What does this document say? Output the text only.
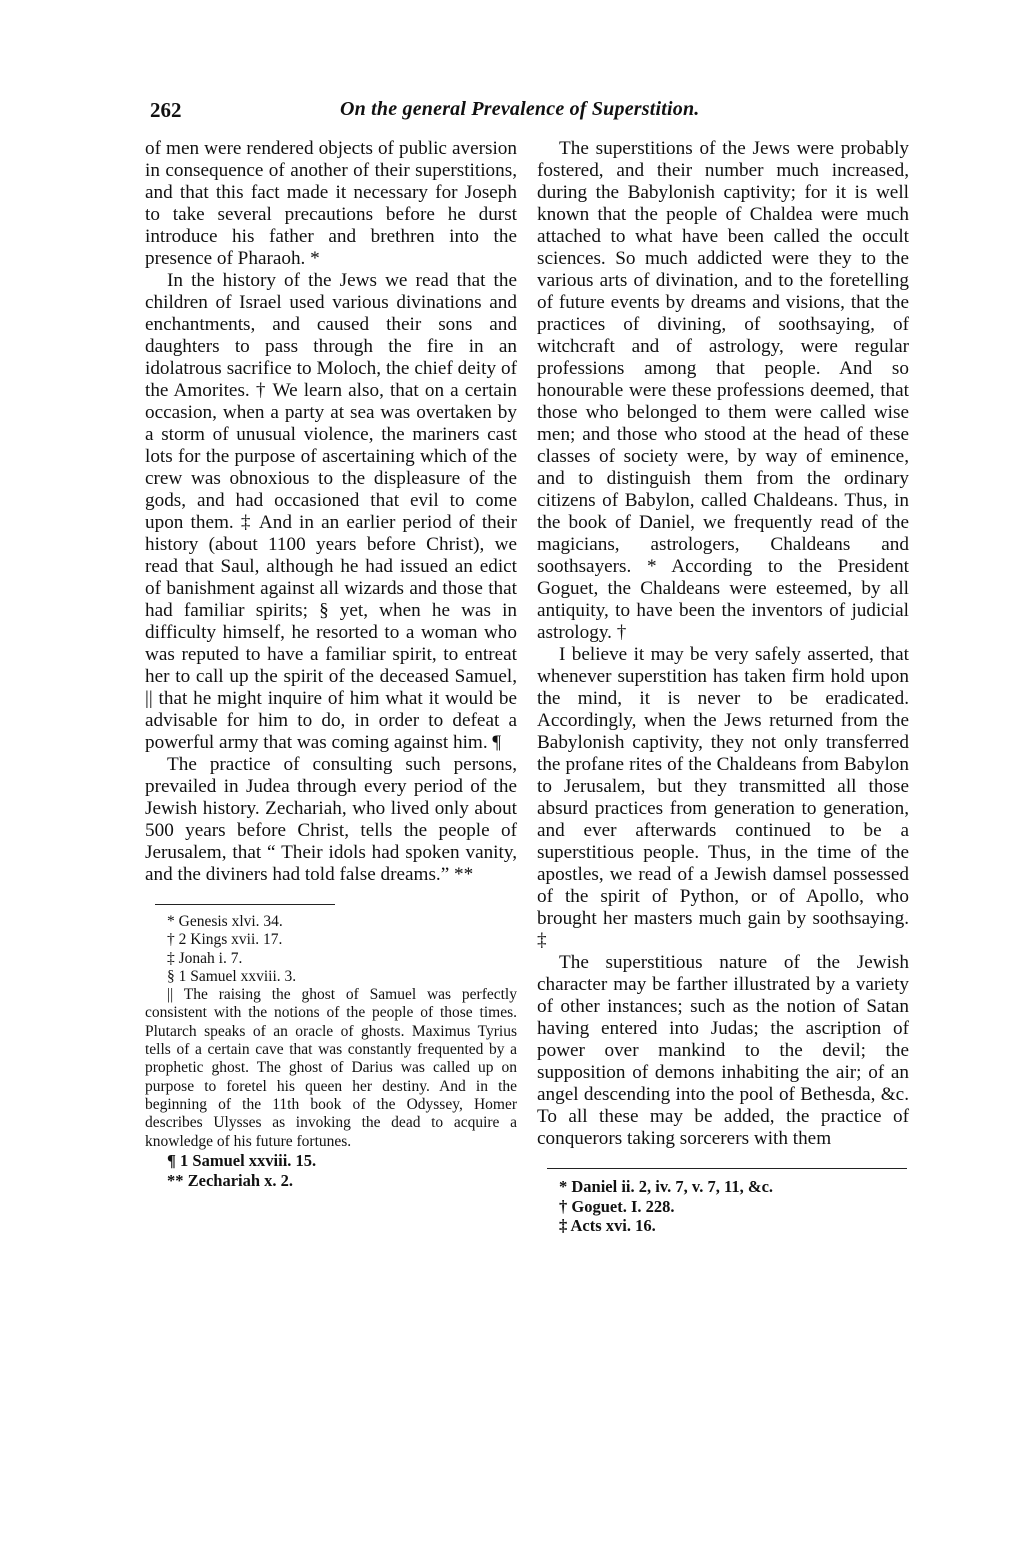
262	On the general Prevalence of Superstition.

of men were rendered objects of public aversion in consequence of another of their superstitions, and that this fact made it necessary for Joseph to take several precautions before he durst introduce his father and brethren into the presence of Pharaoh. *

In the history of the Jews we read that the children of Israel used various divinations and enchantments, and caused their sons and daughters to pass through the fire in an idolatrous sacrifice to Moloch, the chief deity of the Amorites. † We learn also, that on a certain occasion, when a party at sea was overtaken by a storm of unusual violence, the mariners cast lots for the purpose of ascertaining which of the crew was obnoxious to the displeasure of the gods, and had occasioned that evil to come upon them. ‡ And in an earlier period of their history (about 1100 years before Christ), we read that Saul, although he had issued an edict of banishment against all wizards and those that had familiar spirits; § yet, when he was in difficulty himself, he resorted to a woman who was reputed to have a familiar spirit, to entreat her to call up the spirit of the deceased Samuel, || that he might inquire of him what it would be advisable for him to do, in order to defeat a powerful army that was coming against him. ¶

The practice of consulting such persons, prevailed in Judea through every period of the Jewish history. Zechariah, who lived only about 500 years before Christ, tells the people of Jerusalem, that “ Their idols had spoken vanity, and the diviners had told false dreams.” **

* Genesis xlvi. 34.

† 2 Kings xvii. 17.

‡ Jonah i. 7.

§ 1 Samuel xxviii. 3.

|| The raising the ghost of Samuel was perfectly consistent with the notions of the people of those times. Plutarch speaks of an oracle of ghosts. Maximus Tyrius tells of a certain cave that was constantly frequented by a prophetic ghost. The ghost of Darius was called up on purpose to foretel his queen her destiny. And in the beginning of the 11th book of the Odyssey, Homer describes Ulysses as invoking the dead to acquire a knowledge of his future fortunes.

¶ 1 Samuel xxviii. 15.

** Zechariah x. 2.

The superstitions of the Jews were probably fostered, and their number much increased, during the Babylonish captivity; for it is well known that the people of Chaldea were much attached to what have been called the occult sciences. So much addicted were they to the various arts of divination, and to the foretelling of future events by dreams and visions, that the practices of divining, of soothsaying, of witchcraft and of astrology, were regular professions among that people. And so honourable were these professions deemed, that those who belonged to them were called wise men; and those who stood at the head of these classes of society were, by way of eminence, and to distinguish them from the ordinary citizens of Babylon, called Chaldeans. Thus, in the book of Daniel, we frequently read of the magicians, astrologers, Chaldeans and soothsayers. * According to the President Goguet, the Chaldeans were esteemed, by all antiquity, to have been the inventors of judicial astrology. †

I believe it may be very safely asserted, that whenever superstition has taken firm hold upon the mind, it is never to be eradicated. Accordingly, when the Jews returned from the Babylonish captivity, they not only transferred the profane rites of the Chaldeans from Babylon to Jerusalem, but they transmitted all those absurd practices from generation to generation, and ever afterwards continued to be a superstitious people. Thus, in the time of the apostles, we read of a Jewish damsel possessed of the spirit of Python, or of Apollo, who brought her masters much gain by soothsaying. ‡

The superstitious nature of the Jewish character may be farther illustrated by a variety of other instances; such as the notion of Satan having entered into Judas; the ascription of power over mankind to the devil; the supposition of demons inhabiting the air; of an angel descending into the pool of Bethesda, &c. To all these may be added, the practice of conquerors taking sorcerers with them

* Daniel ii. 2, iv. 7, v. 7, 11, &c.

† Goguet. I. 228.

‡ Acts xvi. 16.
